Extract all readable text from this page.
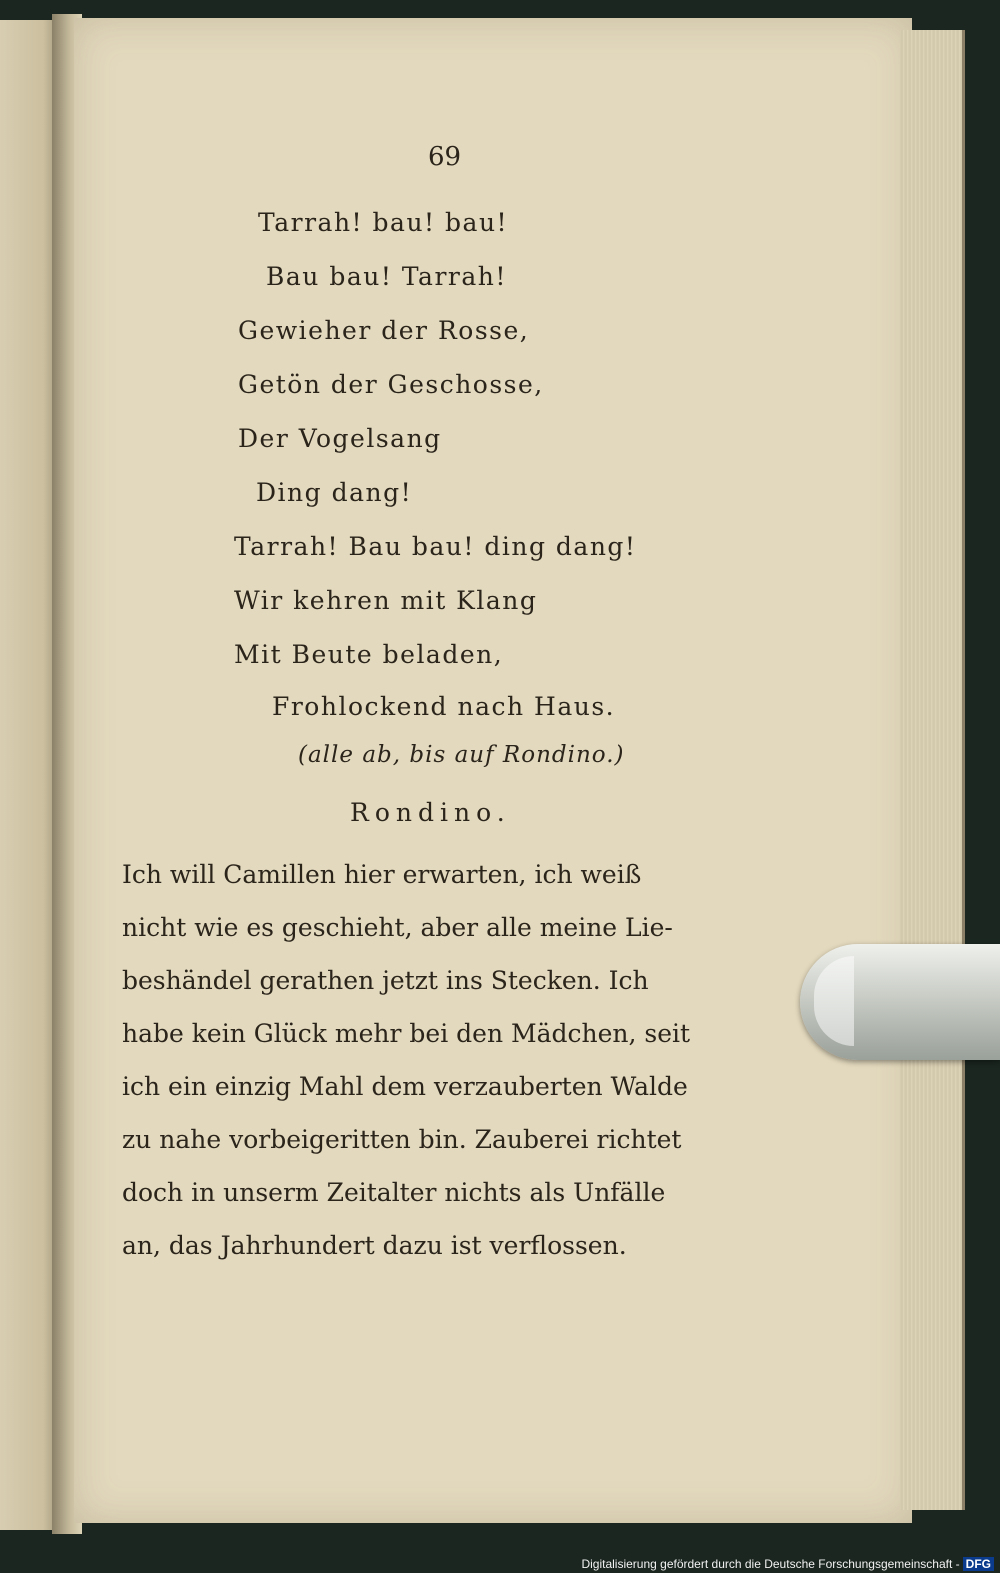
69
Tarrah! bau! bau!
Bau bau! Tarrah!
Gewieher der Rosse,
Getön der Geschosse,
Der Vogelsang
Ding dang!
Tarrah! Bau bau! ding dang!
Wir kehren mit Klang
Mit Beute beladen,
Frohlockend nach Haus.
(alle ab, bis auf Rondino.)
Rondino.
Ich will Camillen hier erwarten, ich weiß
nicht wie es geschieht, aber alle meine Lie-
beshändel gerathen jetzt ins Stecken. Ich
habe kein Glück mehr bei den Mädchen, seit
ich ein einzig Mahl dem verzauberten Walde
zu nahe vorbeigeritten bin. Zauberei richtet
doch in unserm Zeitalter nichts als Unfälle
an, das Jahrhundert dazu ist verflossen.
Digitalisierung gefördert durch die Deutsche Forschungsgemeinschaft - DFG
